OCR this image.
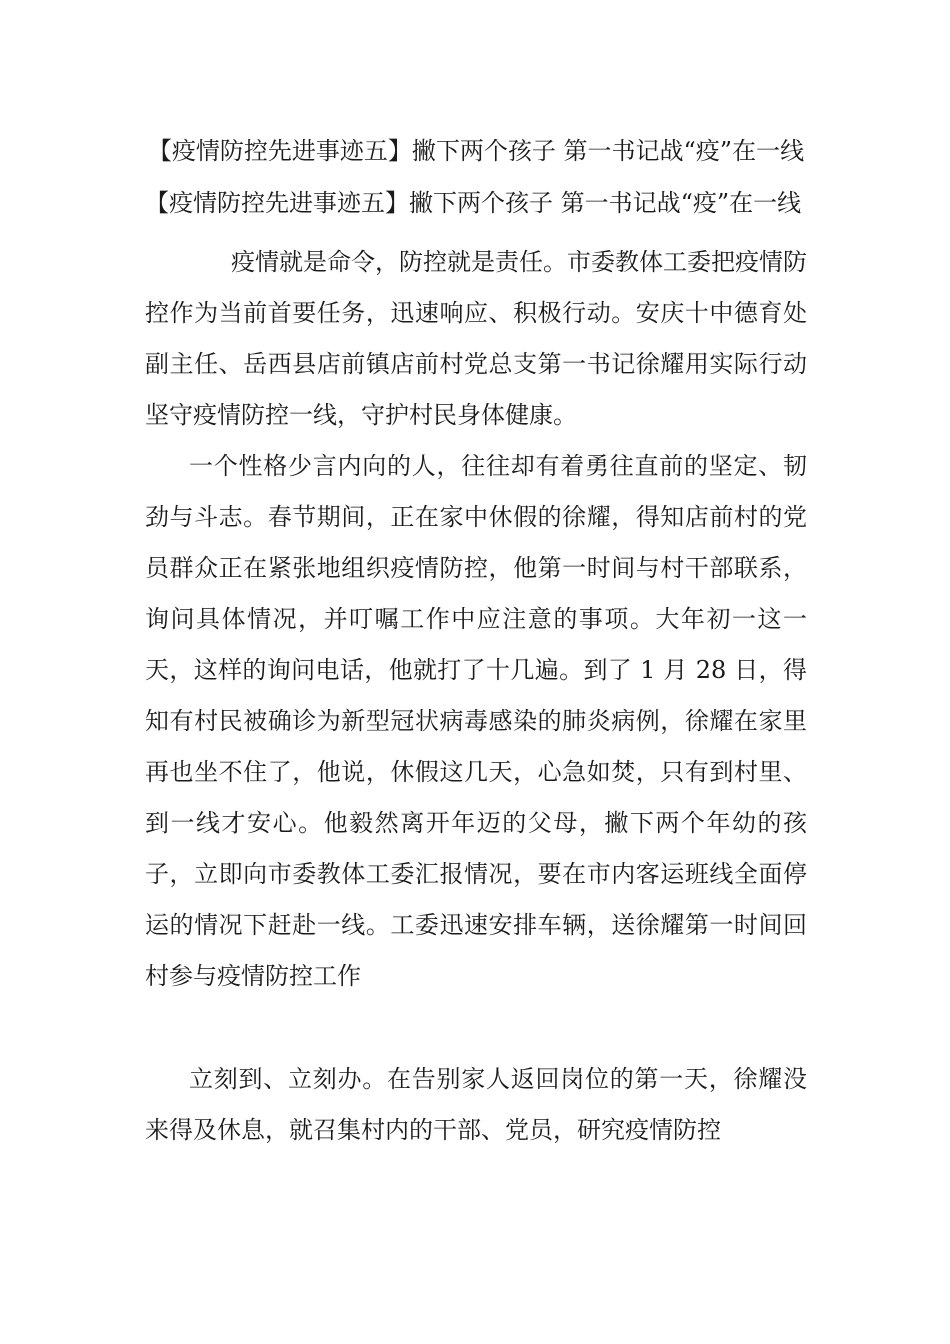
【疫情防控先进事迹五】撇下两个孩子 第一书记战“疫”在一线

【疫情防控先进事迹五】撇下两个孩子 第一书记战“疫”在一线

疫情就是命令，防控就是责任。市委教体工委把疫情防控作为当前首要任务，迅速响应、积极行动。安庆十中德育处副主任、岳西县店前镇店前村党总支第一书记徐耀用实际行动坚守疫情防控一线，守护村民身体健康。

一个性格少言内向的人，往往却有着勇往直前的坚定、韧劲与斗志。春节期间，正在家中休假的徐耀，得知店前村的党员群众正在紧张地组织疫情防控，他第一时间与村干部联系，询问具体情况，并叮嘱工作中应注意的事项。大年初一这一天，这样的询问电话，他就打了十几遍。到了 1 月 28 日，得知有村民被确诊为新型冠状病毒感染的肺炎病例，徐耀在家里再也坐不住了，他说，休假这几天，心急如焚，只有到村里、到一线才安心。他毅然离开年迈的父母，撇下两个年幼的孩子，立即向市委教体工委汇报情况，要在市内客运班线全面停运的情况下赶赴一线。工委迅速安排车辆，送徐耀第一时间回村参与疫情防控工作

立刻到、立刻办。在告别家人返回岗位的第一天，徐耀没来得及休息，就召集村内的干部、党员，研究疫情防控
